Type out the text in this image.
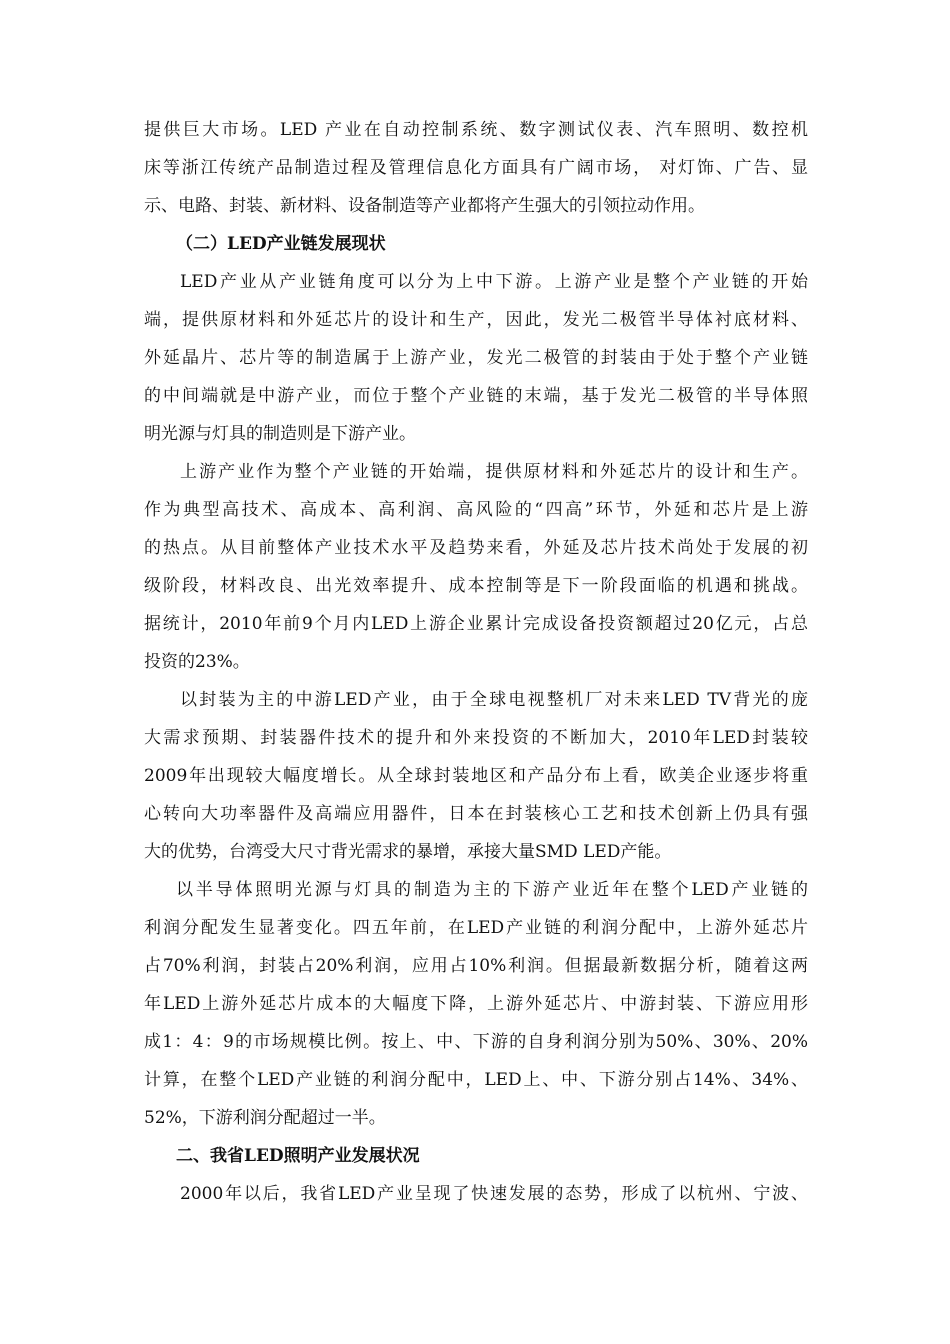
提供巨大市场。LED 产业在自动控制系统、数字测试仪表、汽车照明、数控机
床等浙江传统产品制造过程及管理信息化方面具有广阔市场， 对灯饰、广告、显
示、电路、封装、新材料、设备制造等产业都将产生强大的引领拉动作用。
（二）LED产业链发展现状
LED产业从产业链角度可以分为上中下游。上游产业是整个产业链的开始
端，提供原材料和外延芯片的设计和生产，因此，发光二极管半导体衬底材料、
外延晶片、芯片等的制造属于上游产业，发光二极管的封装由于处于整个产业链
的中间端就是中游产业，而位于整个产业链的末端，基于发光二极管的半导体照
明光源与灯具的制造则是下游产业。
上游产业作为整个产业链的开始端，提供原材料和外延芯片的设计和生产。
作为典型高技术、高成本、高利润、高风险的“四高”环节，外延和芯片是上游
的热点。从目前整体产业技术水平及趋势来看，外延及芯片技术尚处于发展的初
级阶段，材料改良、出光效率提升、成本控制等是下一阶段面临的机遇和挑战。
据统计，2010年前9个月内LED上游企业累计完成设备投资额超过20亿元，占总
投资的23%。
以封装为主的中游LED产业，由于全球电视整机厂对未来LED TV背光的庞
大需求预期、封装器件技术的提升和外来投资的不断加大，2010年LED封装较
2009年出现较大幅度增长。从全球封装地区和产品分布上看，欧美企业逐步将重
心转向大功率器件及高端应用器件，日本在封装核心工艺和技术创新上仍具有强
大的优势，台湾受大尺寸背光需求的暴增，承接大量SMD LED产能。
以半导体照明光源与灯具的制造为主的下游产业近年在整个LED产业链的
利润分配发生显著变化。四五年前，在LED产业链的利润分配中，上游外延芯片
占70%利润，封装占20%利润，应用占10%利润。但据最新数据分析，随着这两
年LED上游外延芯片成本的大幅度下降，上游外延芯片、中游封装、下游应用形
成1：4：9的市场规模比例。按上、中、下游的自身利润分别为50%、30%、20%
计算，在整个LED产业链的利润分配中，LED上、中、下游分别占14%、34%、
52%，下游利润分配超过一半。
二、我省LED照明产业发展状况
2000年以后，我省LED产业呈现了快速发展的态势，形成了以杭州、宁波、
